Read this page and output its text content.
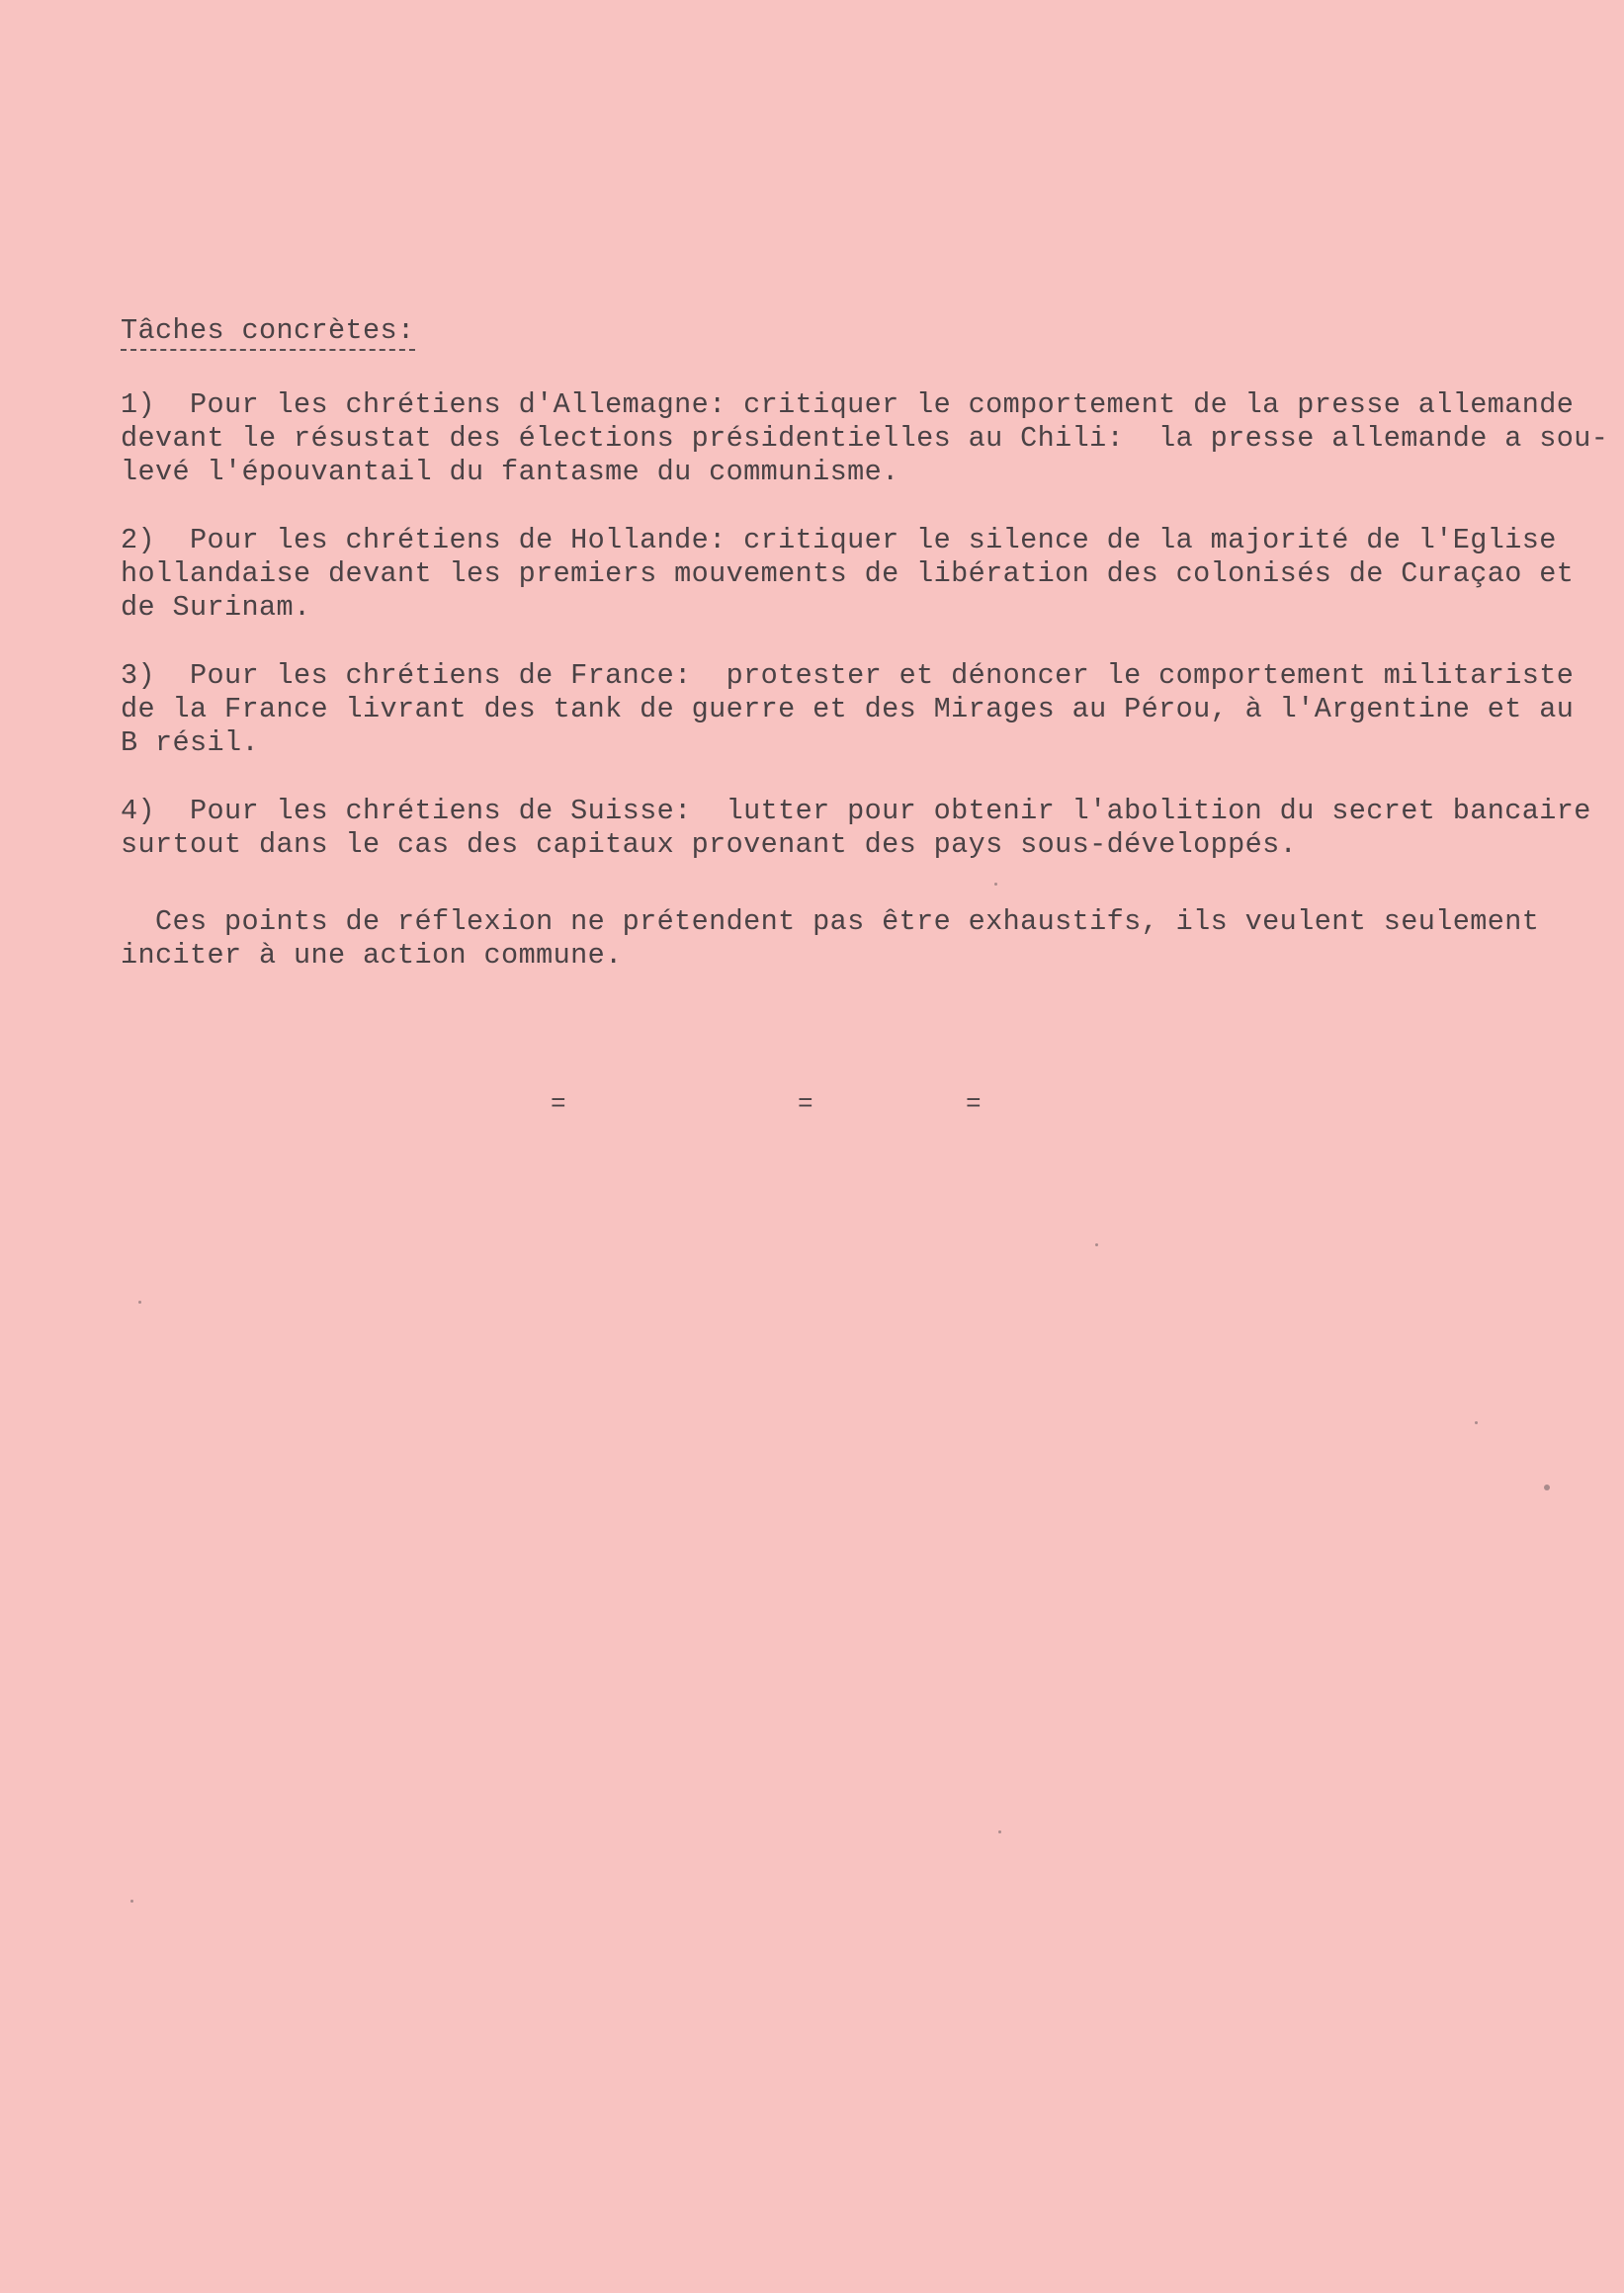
Tâches concrètes:
1)  Pour les chrétiens d'Allemagne: critiquer le comportement de la presse allemande
devant le résustat des élections présidentielles au Chili:  la presse allemande a sou-
levé l'épouvantail du fantasme du communisme.
2)  Pour les chrétiens de Hollande: critiquer le silence de la majorité de l'Eglise
hollandaise devant les premiers mouvements de libération des colonisés de Curaçao et
de Surinam.
3)  Pour les chrétiens de France:  protester et dénoncer le comportement militariste
de la France livrant des tank de guerre et des Mirages au Pérou, à l'Argentine et au
B résil.
4)  Pour les chrétiens de Suisse:  lutter pour obtenir l'abolition du secret bancaire
surtout dans le cas des capitaux provenant des pays sous-développés.
Ces points de réflexion ne prétendent pas être exhaustifs, ils veulent seulement
inciter à une action commune.
=	=	=
